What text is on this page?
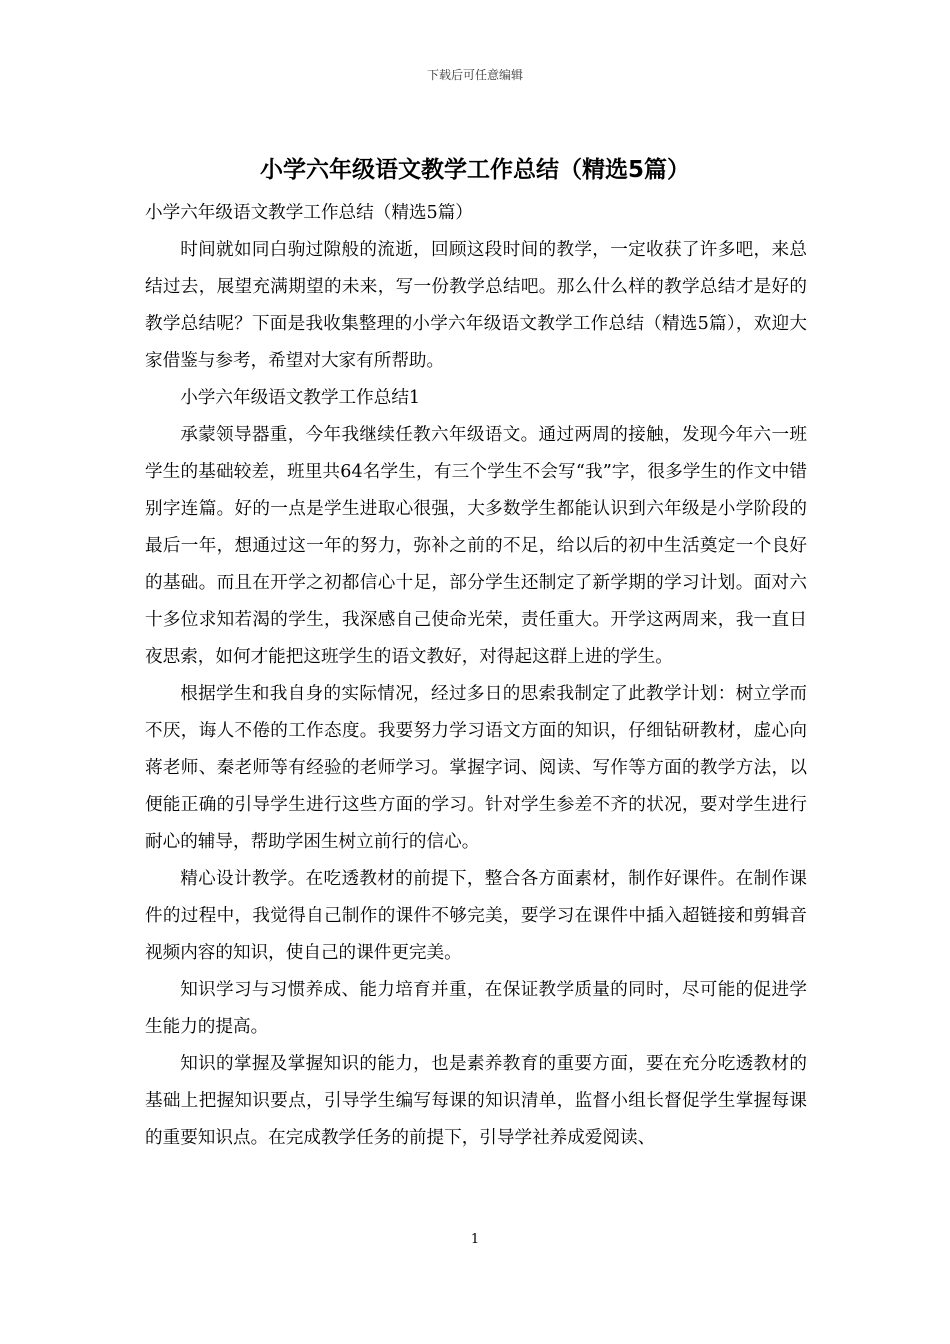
下载后可任意编辑
小学六年级语文教学工作总结（精选5篇）

小学六年级语文教学工作总结（精选5篇）

时间就如同白驹过隙般的流逝，回顾这段时间的教学，一定收获了许多吧，来总结过去，展望充满期望的未来，写一份教学总结吧。那么什么样的教学总结才是好的教学总结呢？下面是我收集整理的小学六年级语文教学工作总结（精选5篇），欢迎大家借鉴与参考，希望对大家有所帮助。

小学六年级语文教学工作总结1

承蒙领导器重，今年我继续任教六年级语文。通过两周的接触，发现今年六一班学生的基础较差，班里共64名学生，有三个学生不会写“我”字，很多学生的作文中错别字连篇。好的一点是学生进取心很强，大多数学生都能认识到六年级是小学阶段的最后一年，想通过这一年的努力，弥补之前的不足，给以后的初中生活奠定一个良好的基础。而且在开学之初都信心十足，部分学生还制定了新学期的学习计划。面对六十多位求知若渴的学生，我深感自己使命光荣，责任重大。开学这两周来，我一直日夜思索，如何才能把这班学生的语文教好，对得起这群上进的学生。

根据学生和我自身的实际情况，经过多日的思索我制定了此教学计划：树立学而不厌，诲人不倦的工作态度。我要努力学习语文方面的知识，仔细钻研教材，虚心向蒋老师、秦老师等有经验的老师学习。掌握字词、阅读、写作等方面的教学方法，以便能正确的引导学生进行这些方面的学习。针对学生参差不齐的状况，要对学生进行耐心的辅导，帮助学困生树立前行的信心。

精心设计教学。在吃透教材的前提下，整合各方面素材，制作好课件。在制作课件的过程中，我觉得自己制作的课件不够完美，要学习在课件中插入超链接和剪辑音视频内容的知识，使自己的课件更完美。

知识学习与习惯养成、能力培育并重，在保证教学质量的同时，尽可能的促进学生能力的提高。

知识的掌握及掌握知识的能力，也是素养教育的重要方面，要在充分吃透教材的基础上把握知识要点，引导学生编写每课的知识清单，监督小组长督促学生掌握每课的重要知识点。在完成教学任务的前提下，引导学社养成爱阅读、

1
